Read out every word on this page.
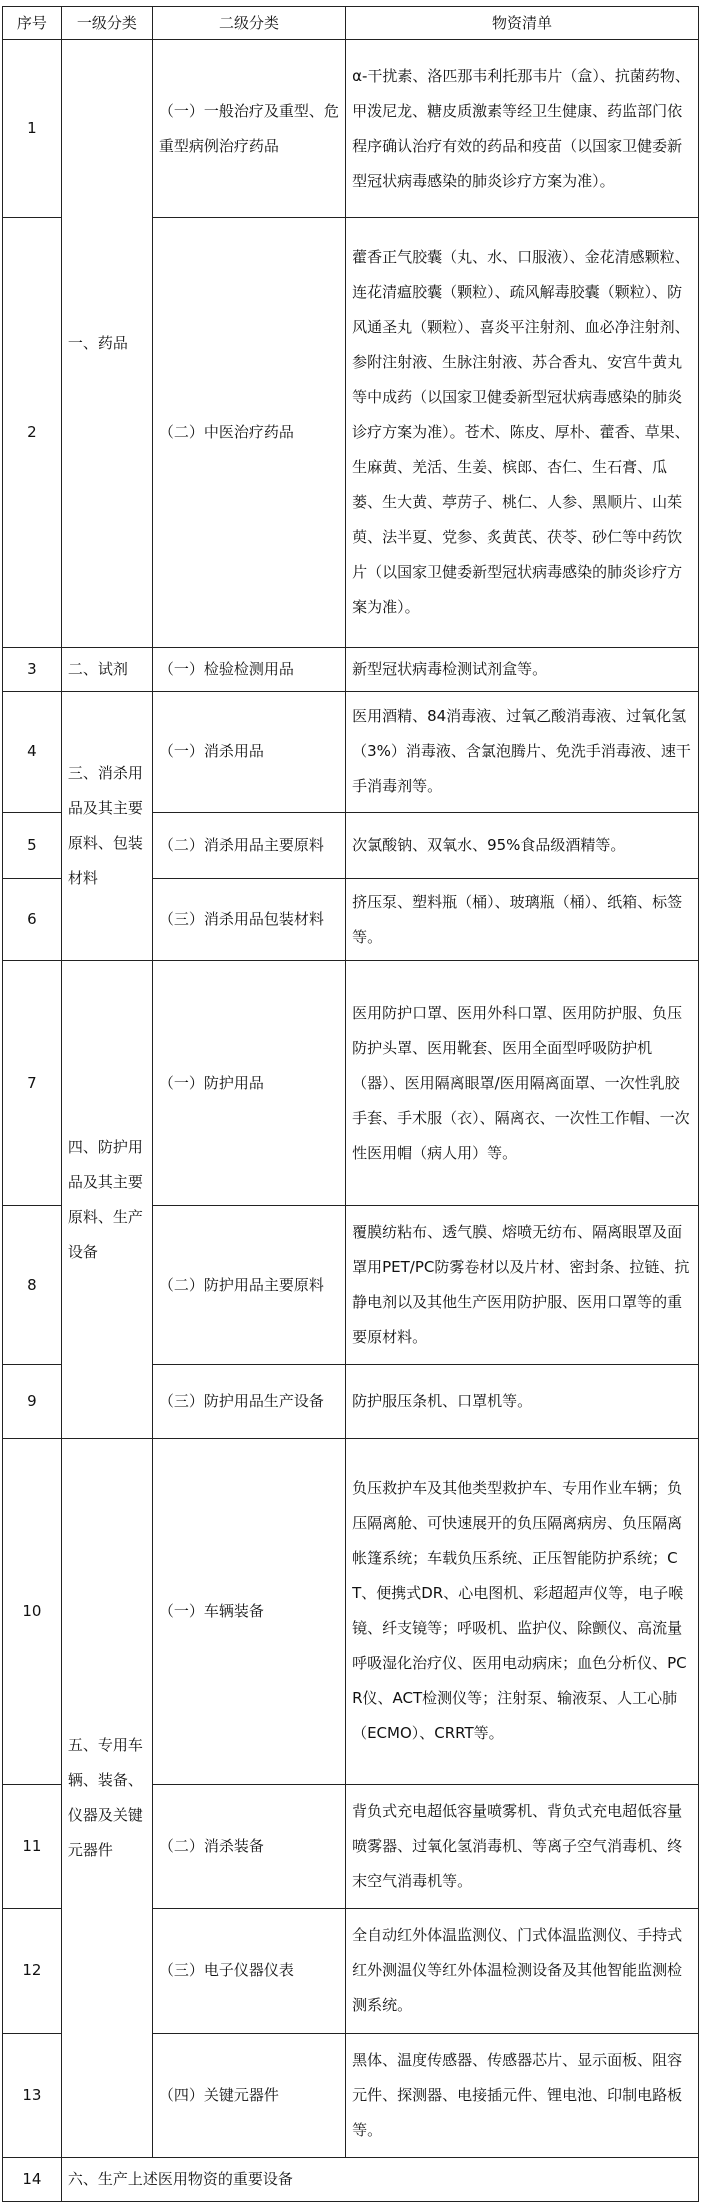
序号	一级分类	二级分类	物资清单
1	一、药品	（一）一般治疗及重型、危重型病例治疗药品	α-干扰素、洛匹那韦利托那韦片（盒）、抗菌药物、甲泼尼龙、糖皮质激素等经卫生健康、药监部门依程序确认治疗有效的药品和疫苗（以国家卫健委新型冠状病毒感染的肺炎诊疗方案为准）。
2		（二）中医治疗药品	藿香正气胶囊（丸、水、口服液）、金花清感颗粒、连花清瘟胶囊（颗粒）、疏风解毒胶囊（颗粒）、防风通圣丸（颗粒）、喜炎平注射剂、血必净注射剂、参附注射液、生脉注射液、苏合香丸、安宫牛黄丸等中成药（以国家卫健委新型冠状病毒感染的肺炎诊疗方案为准）。苍术、陈皮、厚朴、藿香、草果、生麻黄、羌活、生姜、槟郎、杏仁、生石膏、瓜蒌、生大黄、葶苈子、桃仁、人参、黑顺片、山茱萸、法半夏、党参、炙黄芪、茯苓、砂仁等中药饮片（以国家卫健委新型冠状病毒感染的肺炎诊疗方案为准）。
3	二、试剂	（一）检验检测用品	新型冠状病毒检测试剂盒等。
4	三、消杀用品及其主要原料、包装材料	（一）消杀用品	医用酒精、84消毒液、过氧乙酸消毒液、过氧化氢（3%）消毒液、含氯泡腾片、免洗手消毒液、速干手消毒剂等。
5		（二）消杀用品主要原料	次氯酸钠、双氧水、95%食品级酒精等。
6		（三）消杀用品包装材料	挤压泵、塑料瓶（桶）、玻璃瓶（桶）、纸箱、标签等。
7	四、防护用品及其主要原料、生产设备	（一）防护用品	医用防护口罩、医用外科口罩、医用防护服、负压防护头罩、医用靴套、医用全面型呼吸防护机（器）、医用隔离眼罩/医用隔离面罩、一次性乳胶手套、手术服（衣）、隔离衣、一次性工作帽、一次性医用帽（病人用）等。
8		（二）防护用品主要原料	覆膜纺粘布、透气膜、熔喷无纺布、隔离眼罩及面罩用PET/PC防雾卷材以及片材、密封条、拉链、抗静电剂以及其他生产医用防护服、医用口罩等的重要原材料。
9		（三）防护用品生产设备	防护服压条机、口罩机等。
10	五、专用车辆、装备、仪器及关键元器件	（一）车辆装备	负压救护车及其他类型救护车、专用作业车辆；负压隔离舱、可快速展开的负压隔离病房、负压隔离帐篷系统；车载负压系统、正压智能防护系统；CT、便携式DR、心电图机、彩超超声仪等，电子喉镜、纤支镜等；呼吸机、监护仪、除颤仪、高流量呼吸湿化治疗仪、医用电动病床；血色分析仪、PCR仪、ACT检测仪等；注射泵、输液泵、人工心肺（ECMO）、CRRT等。
11		（二）消杀装备	背负式充电超低容量喷雾机、背负式充电超低容量喷雾器、过氧化氢消毒机、等离子空气消毒机、终末空气消毒机等。
12		（三）电子仪器仪表	全自动红外体温监测仪、门式体温监测仪、手持式红外测温仪等红外体温检测设备及其他智能监测检测系统。
13		（四）关键元器件	黑体、温度传感器、传感器芯片、显示面板、阻容元件、探测器、电接插元件、锂电池、印制电路板等。
14	六、生产上述医用物资的重要设备		
